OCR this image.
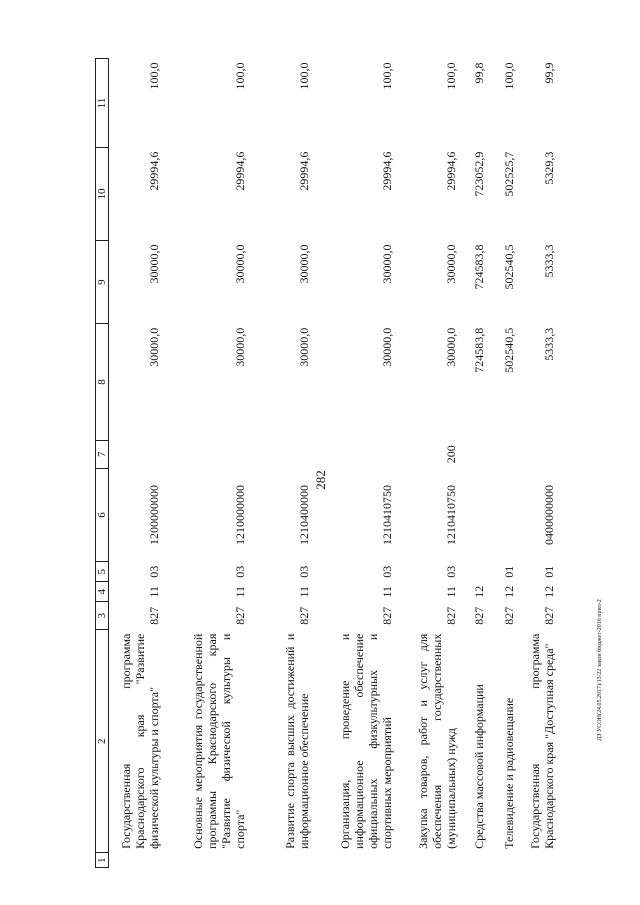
282
ДЗ УСОН(24.05.2017)/13/22 закон бюджет-2016 прил-2
1	2	3	4	5	6	7	8	9	10	11
	Государственная программа Краснодарского края "Развитие физической культуры и спорта"	827	11	03	1200000000		30000,0	30000,0	29994,6	100,0
	Основные мероприятия государственной программы Краснодарского края "Развитие физической культуры и спорта"	827	11	03	1210000000		30000,0	30000,0	29994,6	100,0
	Развитие спорта высших достижений и информационное обеспечение	827	11	03	1210400000		30000,0	30000,0	29994,6	100,0
	Организация, проведение и информационное обеспечение официальных физкультурных и спортивных мероприятий	827	11	03	1210410750		30000,0	30000,0	29994,6	100,0
	Закупка товаров, работ и услуг для обеспечения государственных (муниципальных) нужд	827	11	03	1210410750	200	30000,0	30000,0	29994,6	100,0
	Средства массовой информации	827	12				724583,8	724583,8	723052,9	99,8
	Телевидение и радиовещание	827	12	01			502540,5	502540,5	502525,7	100,0
	Государственная программа Краснодарского края "Доступная среда"	827	12	01	0400000000		5333,3	5333,3	5329,3	99,9
